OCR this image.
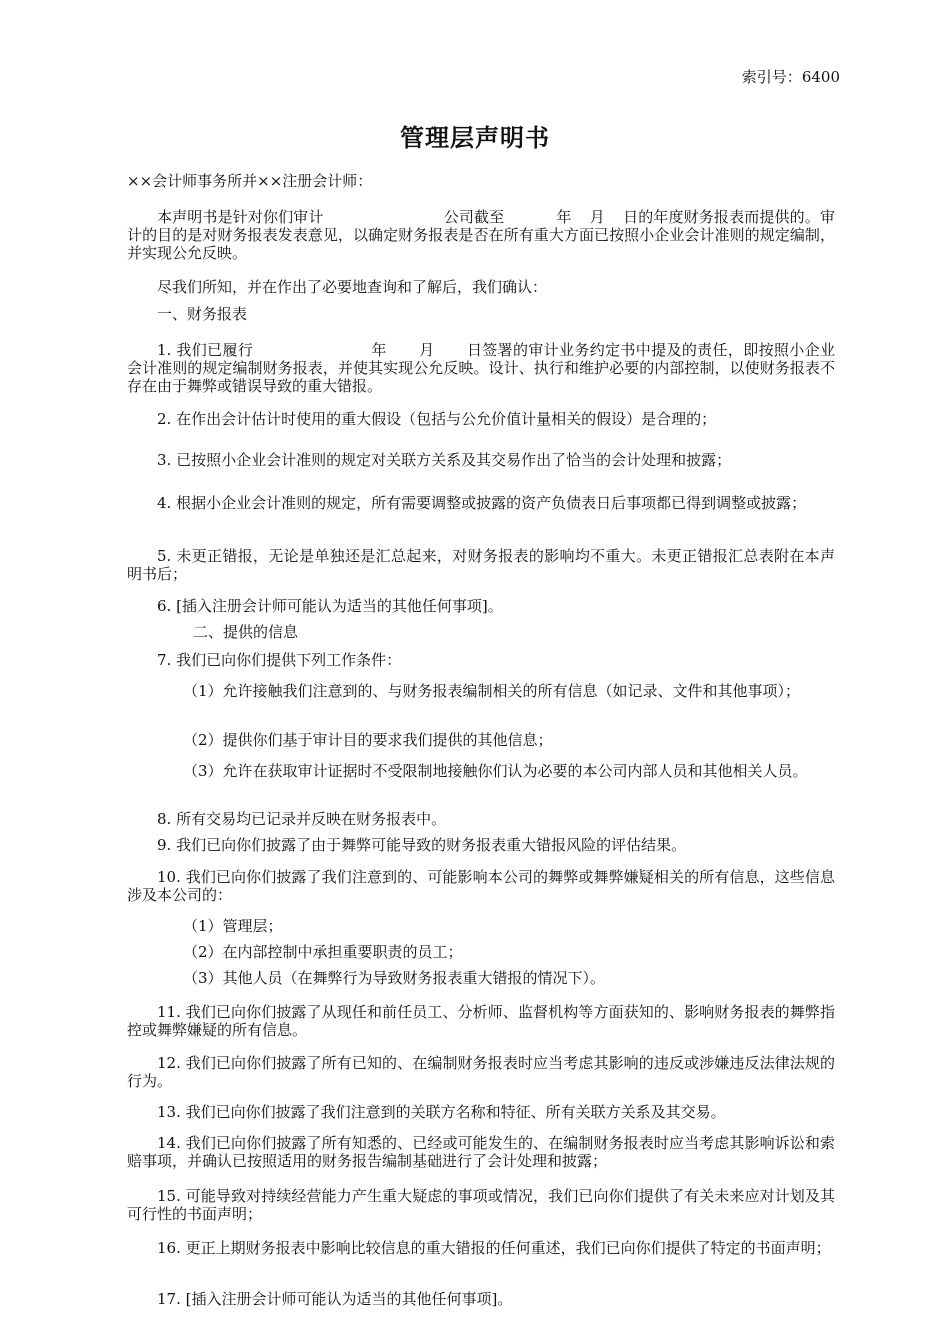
索引号：6400
管理层声明书
××会计师事务所并××注册会计师：
本声明书是针对你们审计	公司截至	年 月 日的年度财务报表而提供的。审计的目的是对财务报表发表意见，以确定财务报表是否在所有重大方面已按照小企业会计准则的规定编制，并实现公允反映。
尽我们所知，并在作出了必要地查询和了解后，我们确认：
一、财务报表
1. 我们已履行	年 月 日签署的审计业务约定书中提及的责任，即按照小企业会计准则的规定编制财务报表，并使其实现公允反映。设计、执行和维护必要的内部控制，以使财务报表不存在由于舞弊或错误导致的重大错报。
2. 在作出会计估计时使用的重大假设（包括与公允价值计量相关的假设）是合理的；
3. 已按照小企业会计准则的规定对关联方关系及其交易作出了恰当的会计处理和披露；
4. 根据小企业会计准则的规定，所有需要调整或披露的资产负债表日后事项都已得到调整或披露；
5. 未更正错报，无论是单独还是汇总起来，对财务报表的影响均不重大。未更正错报汇总表附在本声明书后；
6. [插入注册会计师可能认为适当的其他任何事项]。
二、提供的信息
7. 我们已向你们提供下列工作条件：
（1）允许接触我们注意到的、与财务报表编制相关的所有信息（如记录、文件和其他事项）；
（2）提供你们基于审计目的要求我们提供的其他信息；
（3）允许在获取审计证据时不受限制地接触你们认为必要的本公司内部人员和其他相关人员。
8. 所有交易均已记录并反映在财务报表中。
9. 我们已向你们披露了由于舞弊可能导致的财务报表重大错报风险的评估结果。
10. 我们已向你们披露了我们注意到的、可能影响本公司的舞弊或舞弊嫌疑相关的所有信息，这些信息涉及本公司的：
（1）管理层；
（2）在内部控制中承担重要职责的员工；
（3）其他人员（在舞弊行为导致财务报表重大错报的情况下）。
11. 我们已向你们披露了从现任和前任员工、分析师、监督机构等方面获知的、影响财务报表的舞弊指控或舞弊嫌疑的所有信息。
12. 我们已向你们披露了所有已知的、在编制财务报表时应当考虑其影响的违反或涉嫌违反法律法规的行为。
13. 我们已向你们披露了我们注意到的关联方名称和特征、所有关联方关系及其交易。
14. 我们已向你们披露了所有知悉的、已经或可能发生的、在编制财务报表时应当考虑其影响诉讼和索赔事项，并确认已按照适用的财务报告编制基础进行了会计处理和披露；
15. 可能导致对持续经营能力产生重大疑虑的事项或情况，我们已向你们提供了有关未来应对计划及其可行性的书面声明；
16. 更正上期财务报表中影响比较信息的重大错报的任何重述，我们已向你们提供了特定的书面声明；
17. [插入注册会计师可能认为适当的其他任何事项]。
